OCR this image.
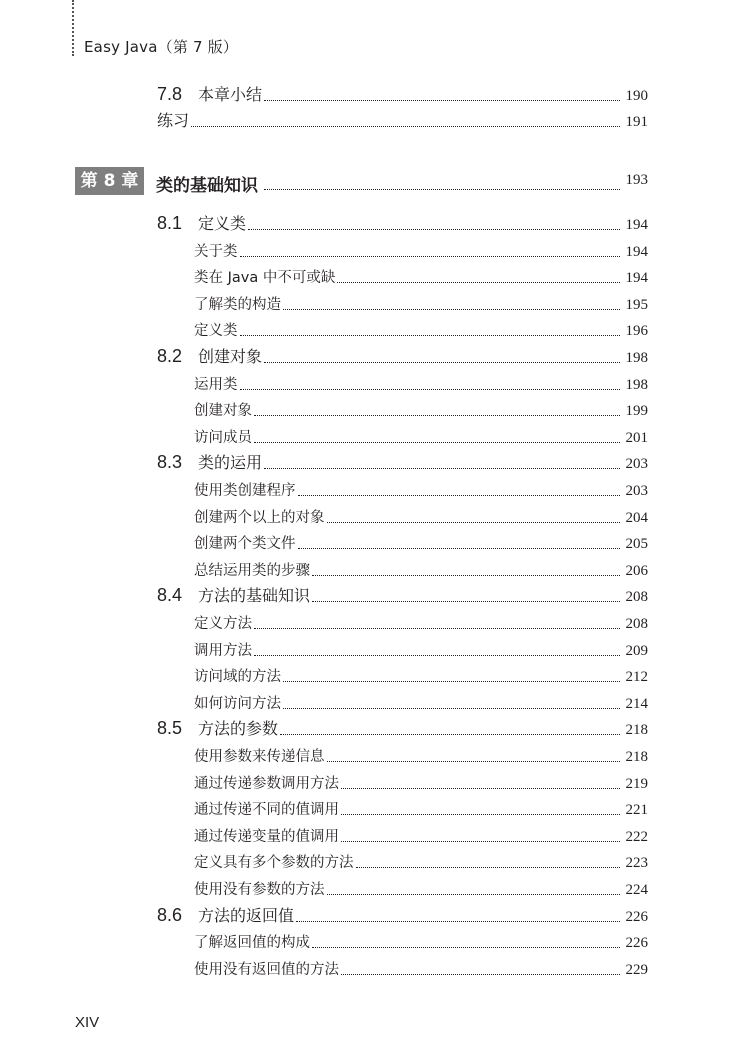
Easy Java（第 7 版）
7.8 本章小结	190
练习	191
8.1 定义类	194
关于类	194
类在 Java 中不可或缺	194
了解类的构造	195
定义类	196
8.2 创建对象	198
运用类	198
创建对象	199
访问成员	201
8.3 类的运用	203
使用类创建程序	203
创建两个以上的对象	204
创建两个类文件	205
总结运用类的步骤	206
8.4 方法的基础知识	208
定义方法	208
调用方法	209
访问域的方法	212
如何访问方法	214
8.5 方法的参数	218
使用参数来传递信息	218
通过传递参数调用方法	219
通过传递不同的值调用	221
通过传递变量的值调用	222
定义具有多个参数的方法	223
使用没有参数的方法	224
8.6 方法的返回值	226
了解返回值的构成	226
使用没有返回值的方法	229
第 8 章	类的基础知识	193
XIV
